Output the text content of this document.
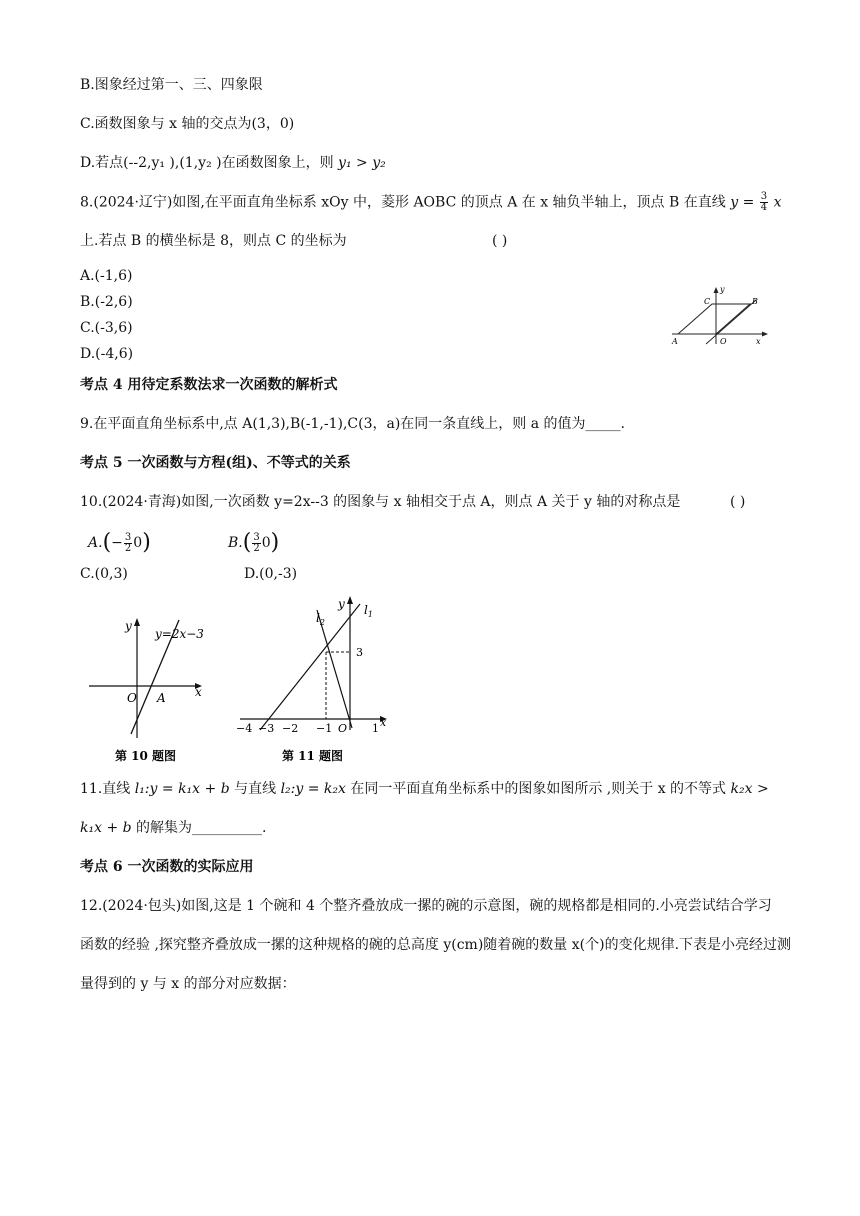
B.图象经过第一、三、四象限
C.函数图象与 x 轴的交点为(3，0)
D.若点(--2,y₁ ),(1,y₂ )在函数图象上，则 y₁ > y₂
8.(2024·辽宁)如图,在平面直角坐标系 xOy 中，菱形 AOBC 的顶点 A 在 x 轴负半轴上，顶点 B 在直线 $y = \frac{3}{4}$ x
上.若点 B 的横坐标是 8，则点 C 的坐标为	( )
A.(-1,6)
B.(-2,6)
C.(-3,6)
D.(-4,6)
y
C	B
A	O	x
考点 4 用待定系数法求一次函数的解析式
9.在平面直角坐标系中,点 A(1,3),B(-1,-1),C(3，a)在同一条直线上，则 a 的值为_____.
考点 5 一次函数与方程(组)、不等式的关系
10.(2024·青海)如图,一次函数 y=2x--3 的图象与 x 轴相交于点 A，则点 A 关于 y 轴的对称点是	( )
$A.(- \frac{3}{2} 0)$	$B.( \frac{3}{2} 0)$
C.(0,3)	D.(0,-3)
y
y=2x−3
O A x
第 10 题图
y $l_1$
$l_2$
3
−4 −3 −2 −1 O 1 x
第 11 题图
11.直线 l₁:y = k₁x + b 与直线 l₂:y = k₂x 在同一平面直角坐标系中的图象如图所示 ,则关于 x 的不等式 k₂x >
k₁x + b 的解集为__________.
考点 6 一次函数的实际应用
12.(2024·包头)如图,这是 1 个碗和 4 个整齐叠放成一摞的碗的示意图，碗的规格都是相同的.小亮尝试结合学习
函数的经验 ,探究整齐叠放成一摞的这种规格的碗的总高度 y(cm)随着碗的数量 x(个)的变化规律.下表是小亮经过测
量得到的 y 与 x 的部分对应数据：
